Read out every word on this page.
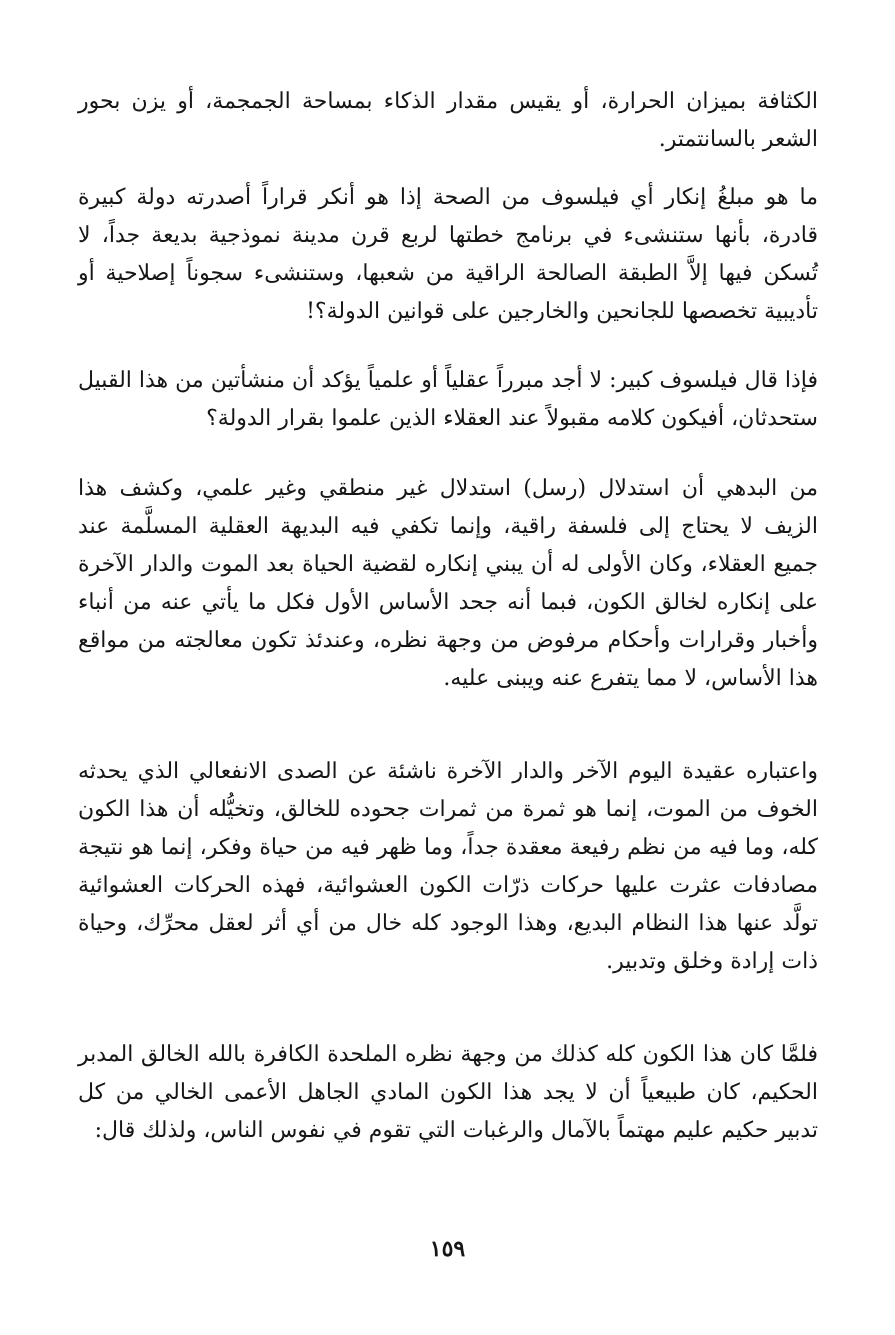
الكثافة بميزان الحرارة، أو يقيس مقدار الذكاء بمساحة الجمجمة، أو يزن بحور الشعر بالسانتمتر.

ما هو مبلغُ إنكار أي فيلسوف من الصحة إذا هو أنكر قراراً أصدرته دولة كبيرة قادرة، بأنها ستنشىء في برنامج خطتها لربع قرن مدينة نموذجية بديعة جداً، لا تُسكن فيها إلاَّ الطبقة الصالحة الراقية من شعبها، وستنشىء سجوناً إصلاحية أو تأديبية تخصصها للجانحين والخارجين على قوانين الدولة؟!

فإذا قال فيلسوف كبير: لا أجد مبرراً عقلياً أو علمياً يؤكد أن منشأتين من هذا القبيل ستحدثان، أفيكون كلامه مقبولاً عند العقلاء الذين علموا بقرار الدولة؟

من البدهي أن استدلال (رسل) استدلال غير منطقي وغير علمي، وكشف هذا الزيف لا يحتاج إلى فلسفة راقية، وإنما تكفي فيه البديهة العقلية المسلَّمة عند جميع العقلاء، وكان الأولى له أن يبني إنكاره لقضية الحياة بعد الموت والدار الآخرة على إنكاره لخالق الكون، فبما أنه جحد الأساس الأول فكل ما يأتي عنه من أنباء وأخبار وقرارات وأحكام مرفوض من وجهة نظره، وعندئذ تكون معالجته من مواقع هذا الأساس، لا مما يتفرع عنه ويبنى عليه.

واعتباره عقيدة اليوم الآخر والدار الآخرة ناشئة عن الصدى الانفعالي الذي يحدثه الخوف من الموت، إنما هو ثمرة من ثمرات جحوده للخالق، وتخيُّله أن هذا الكون كله، وما فيه من نظم رفيعة معقدة جداً، وما ظهر فيه من حياة وفكر، إنما هو نتيجة مصادفات عثرت عليها حركات ذرّات الكون العشوائية، فهذه الحركات العشوائية تولَّد عنها هذا النظام البديع، وهذا الوجود كله خال من أي أثر لعقل محرِّك، وحياة ذات إرادة وخلق وتدبير.

فلمَّا كان هذا الكون كله كذلك من وجهة نظره الملحدة الكافرة بالله الخالق المدبر الحكيم، كان طبيعياً أن لا يجد هذا الكون المادي الجاهل الأعمى الخالي من كل تدبير حكيم عليم مهتماً بالآمال والرغبات التي تقوم في نفوس الناس، ولذلك قال:

١٥٩
